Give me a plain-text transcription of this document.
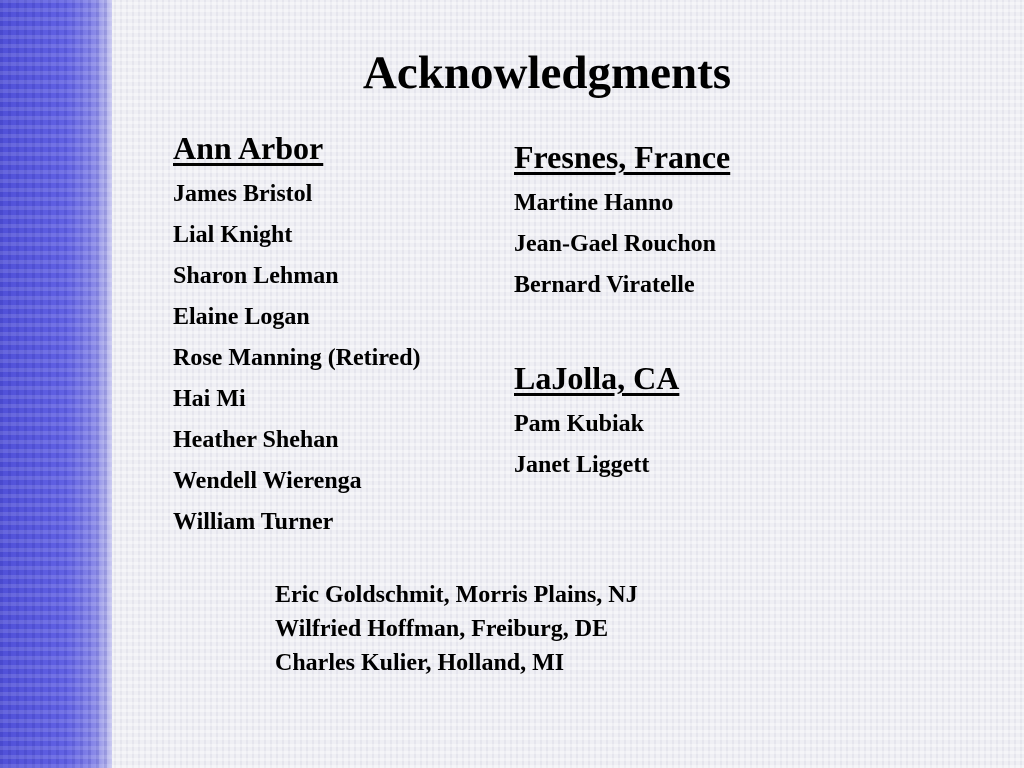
Acknowledgments
Ann Arbor
James Bristol
Lial Knight
Sharon Lehman
Elaine Logan
Rose Manning (Retired)
Hai Mi
Heather Shehan
Wendell Wierenga
William Turner
Fresnes, France
Martine Hanno
Jean-Gael Rouchon
Bernard Viratelle
LaJolla, CA
Pam Kubiak
Janet Liggett
Eric Goldschmit, Morris Plains, NJ
Wilfried Hoffman, Freiburg, DE
Charles Kulier, Holland, MI
